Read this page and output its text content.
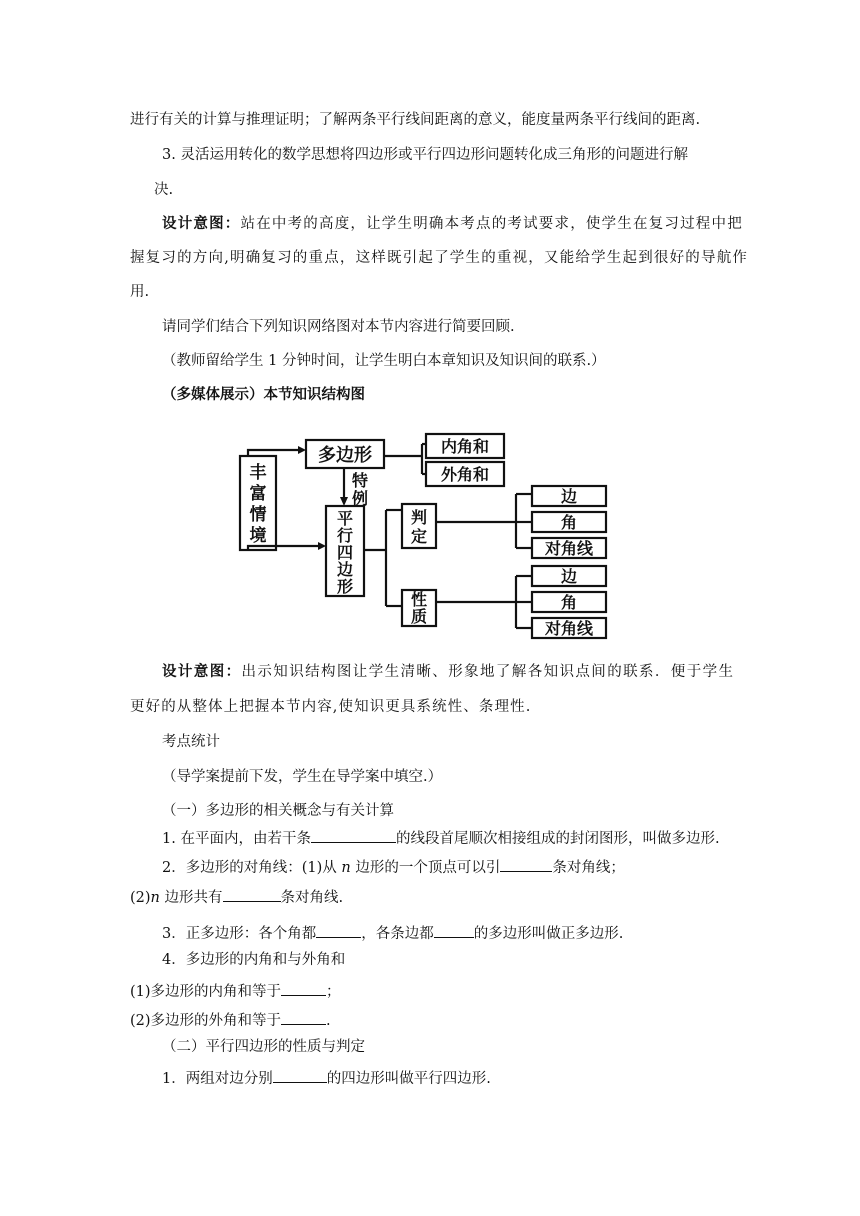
进行有关的计算与推理证明；了解两条平行线间距离的意义，能度量两条平行线间的距离.
3. 灵活运用转化的数学思想将四边形或平行四边形问题转化成三角形的问题进行解
决.
设计意图：站在中考的高度，让学生明确本考点的考试要求，使学生在复习过程中把
握复习的方向,明确复习的重点，这样既引起了学生的重视，又能给学生起到很好的导航作
用.
请同学们结合下列知识网络图对本节内容进行简要回顾.
（教师留给学生 1 分钟时间，让学生明白本章知识及知识间的联系.）
（多媒体展示）本节知识结构图
丰
富
情
境
多边形	内角和
外角和
特
例
平
行
四
边
形
判
定
性
质
边
角
对角线
边
角
对角线
设计意图：出示知识结构图让学生清晰、形象地了解各知识点间的联系．便于学生
更好的从整体上把握本节内容,使知识更具系统性、条理性.
考点统计
（导学案提前下发，学生在导学案中填空.）
（一）多边形的相关概念与有关计算
1. 在平面内，由若干条	的线段首尾顺次相接组成的封闭图形，叫做多边形.
2．多边形的对角线：(1)从 n 边形的一个顶点可以引	条对角线；
(2)n 边形共有	条对角线.
3．正多边形：各个角都	，各条边都	的多边形叫做正多边形.
4．多边形的内角和与外角和
(1)多边形的内角和等于	；
(2)多边形的外角和等于	.
（二）平行四边形的性质与判定
1．两组对边分别	的四边形叫做平行四边形.
